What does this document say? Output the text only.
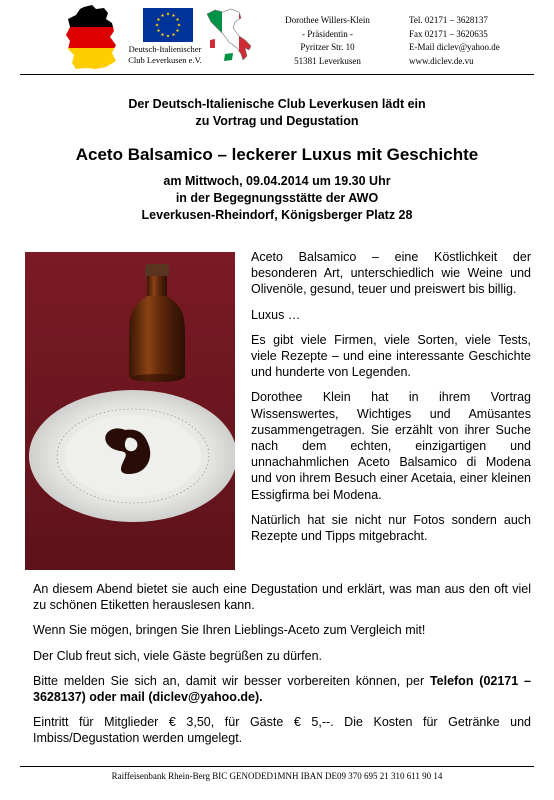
Deutsch-Italienischer
Club Leverkusen e.V.
Dorothee Willers-Klein
- Präsidentin -
Pyritzer Str. 10
51381 Leverkusen
Tel. 02171 – 3628137
Fax 02171 – 3620635
E-Mail diclev@yahoo.de
www.diclev.de.vu
Der Deutsch-Italienische Club Leverkusen lädt ein
zu Vortrag und Degustation
Aceto Balsamico – leckerer Luxus mit Geschichte
am Mittwoch, 09.04.2014 um 19.30 Uhr
in der Begegnungsstätte der AWO
Leverkusen-Rheindorf, Königsberger Platz 28

Aceto Balsamico – eine Köstlichkeit der besonderen Art, unterschiedlich wie Weine und Olivenöle, gesund, teuer und preiswert bis billig.

Luxus …

Es gibt viele Firmen, viele Sorten, viele Tests, viele Rezepte – und eine interessante Geschichte und hunderte von Legenden.

Dorothee Klein hat in ihrem Vortrag Wissenswertes, Wichtiges und Amüsantes zusammengetragen. Sie erzählt von ihrer Suche nach dem echten, einzigartigen und unnachahmlichen Aceto Balsamico di Modena und von ihrem Besuch einer Acetaia, einer kleinen Essigfirma bei Modena.

Natürlich hat sie nicht nur Fotos sondern auch Rezepte und Tipps mitgebracht.

An diesem Abend bietet sie auch eine Degustation und erklärt, was man aus den oft viel zu schönen Etiketten herauslesen kann.

Wenn Sie mögen, bringen Sie Ihren Lieblings-Aceto zum Vergleich mit!

Der Club freut sich, viele Gäste begrüßen zu dürfen.

Bitte melden Sie sich an, damit wir besser vorbereiten können, per Telefon (02171 – 3628137) oder mail (diclev@yahoo.de).

Eintritt für Mitglieder € 3,50, für Gäste € 5,--. Die Kosten für Getränke und Imbiss/Degustation werden umgelegt.

Raiffeisenbank Rhein-Berg BIC GENODED1MNH IBAN DE09 370 695 21 310 611 90 14
